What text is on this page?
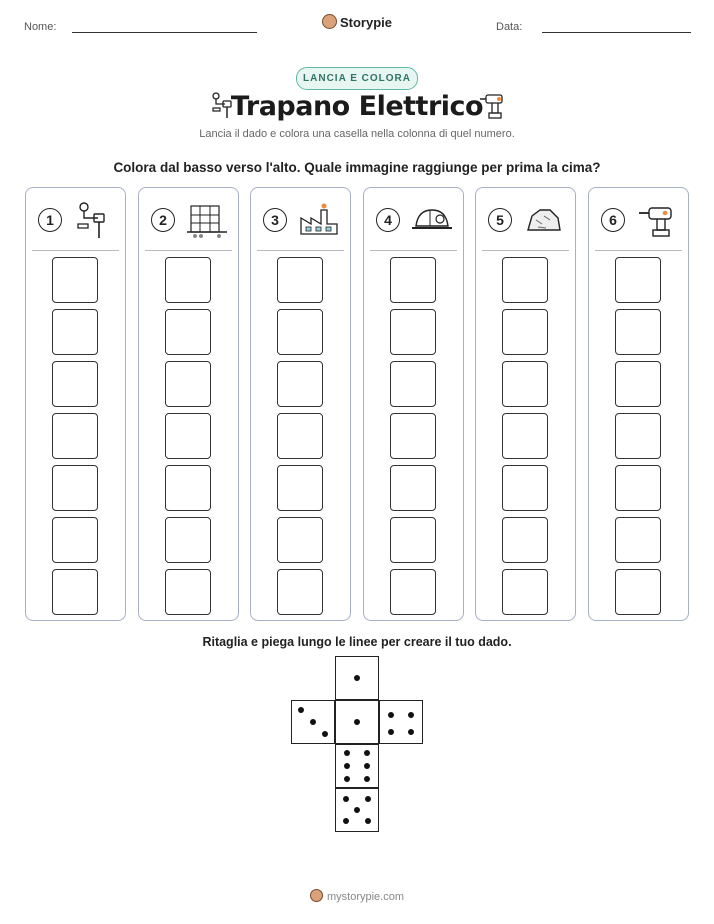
Nome:	Storypie	Data:
LANCIA E COLORA
Trapano Elettrico
Lancia il dado e colora una casella nella colonna di quel numero.
Colora dal basso verso l'alto. Quale immagine raggiunge per prima la cima?
1	2	3	4	5	6
Ritaglia e piega lungo le linee per creare il tuo dado.
mystorypie.com
